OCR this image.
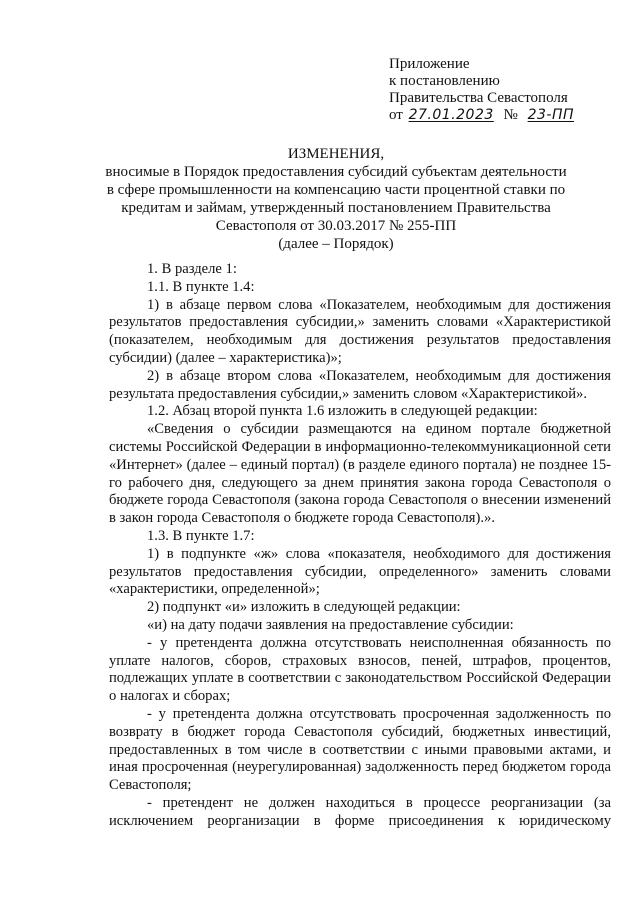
Приложение
к постановлению
Правительства Севастополя
от 27.01.2023 № 23-ПП
ИЗМЕНЕНИЯ,
вносимые в Порядок предоставления субсидий субъектам деятельности
в сфере промышленности на компенсацию части процентной ставки по
кредитам и займам, утвержденный постановлением Правительства
Севастополя от 30.03.2017 № 255-ПП
(далее – Порядок)

1. В разделе 1:

1.1. В пункте 1.4:

1) в абзаце первом слова «Показателем, необходимым для достижения результатов предоставления субсидии,» заменить словами «Характеристикой (показателем, необходимым для достижения результатов предоставления субсидии) (далее – характеристика)»;

2) в абзаце втором слова «Показателем, необходимым для достижения результата предоставления субсидии,» заменить словом «Характеристикой».

1.2. Абзац второй пункта 1.6 изложить в следующей редакции:

«Сведения о субсидии размещаются на едином портале бюджетной системы Российской Федерации в информационно-телекоммуникационной сети «Интернет» (далее – единый портал) (в разделе единого портала) не позднее 15-го рабочего дня, следующего за днем принятия закона города Севастополя о бюджете города Севастополя (закона города Севастополя о внесении изменений в закон города Севастополя о бюджете города Севастополя).».

1.3. В пункте 1.7:

1) в подпункте «ж» слова «показателя, необходимого для достижения результатов предоставления субсидии, определенного» заменить словами «характеристики, определенной»;

2) подпункт «и» изложить в следующей редакции:

«и) на дату подачи заявления на предоставление субсидии:

- у претендента должна отсутствовать неисполненная обязанность по уплате налогов, сборов, страховых взносов, пеней, штрафов, процентов, подлежащих уплате в соответствии с законодательством Российской Федерации о налогах и сборах;

- у претендента должна отсутствовать просроченная задолженность по возврату в бюджет города Севастополя субсидий, бюджетных инвестиций, предоставленных в том числе в соответствии с иными правовыми актами, и иная просроченная (неурегулированная) задолженность перед бюджетом города Севастополя;

- претендент не должен находиться в процессе реорганизации (за исключением реорганизации в форме присоединения к юридическому
